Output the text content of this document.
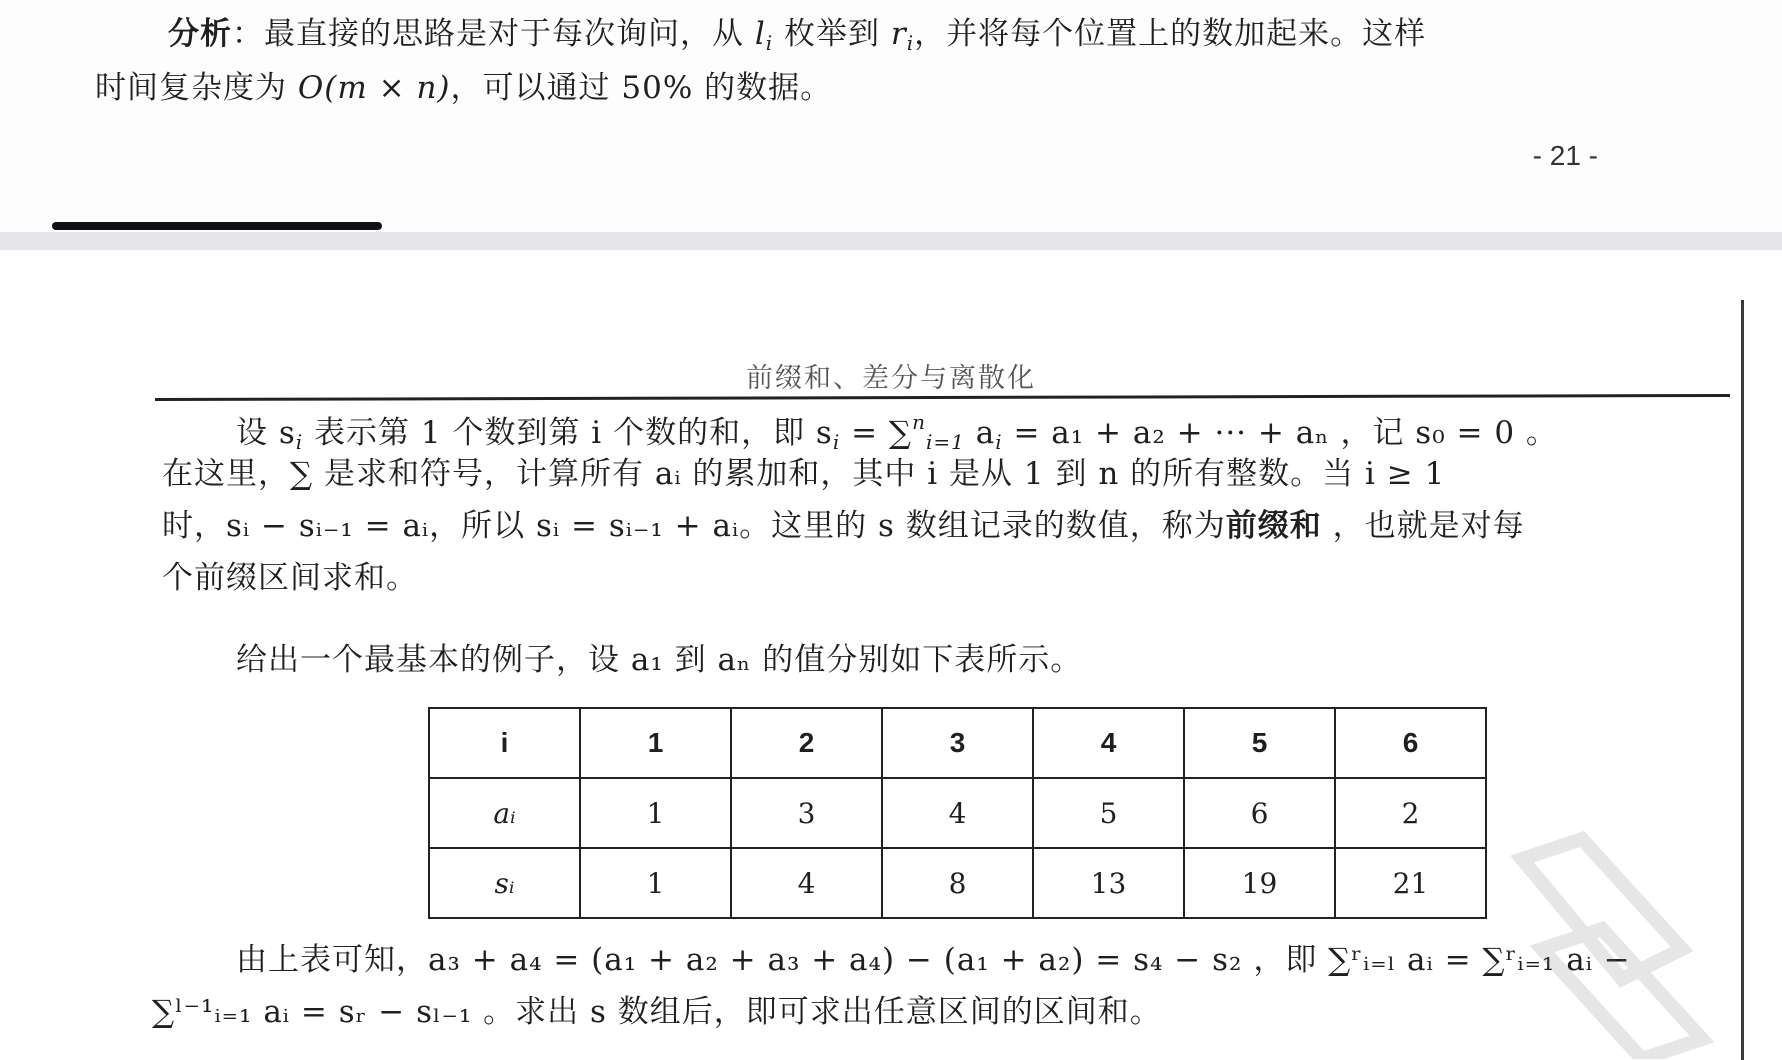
分析：最直接的思路是对于每次询问，从 $l_i$ 枚举到 $r_i$，并将每个位置上的数加起来。这样
时间复杂度为 O(m × n)，可以通过 50% 的数据。
- 21 -
前缀和、差分与离散化
设 $s_i$ 表示第 1 个数到第 i 个数的和，即 $s_i = \sum^n_{i=1}$ $a_i = a_1 + a_2$ + ··· + aₙ ，记 s₀ = 0 。
在这里，∑ 是求和符号，计算所有 aᵢ 的累加和，其中 i 是从 1 到 n 的所有整数。当 i ≥ 1
时，sᵢ − sᵢ₋₁ = aᵢ，所以 sᵢ = sᵢ₋₁ + aᵢ。这里的 s 数组记录的数值，称为前缀和 ，也就是对每
个前缀区间求和。
给出一个最基本的例子，设 a₁ 到 aₙ 的值分别如下表所示。
i	1	2	3	4	5	6
aᵢ	1	3	4	5	6	2
sᵢ	1	4	8	13	19	21
由上表可知，a₃ + a₄ = (a₁ + a₂ + a₃ + a₄) − (a₁ + a₂) = s₄ − s₂ ，即 ∑ʳᵢ₌ₗ aᵢ = ∑ʳᵢ₌₁ aᵢ −
∑ˡ⁻¹ᵢ₌₁ aᵢ = sᵣ − sₗ₋₁ 。求出 s 数组后，即可求出任意区间的区间和。
